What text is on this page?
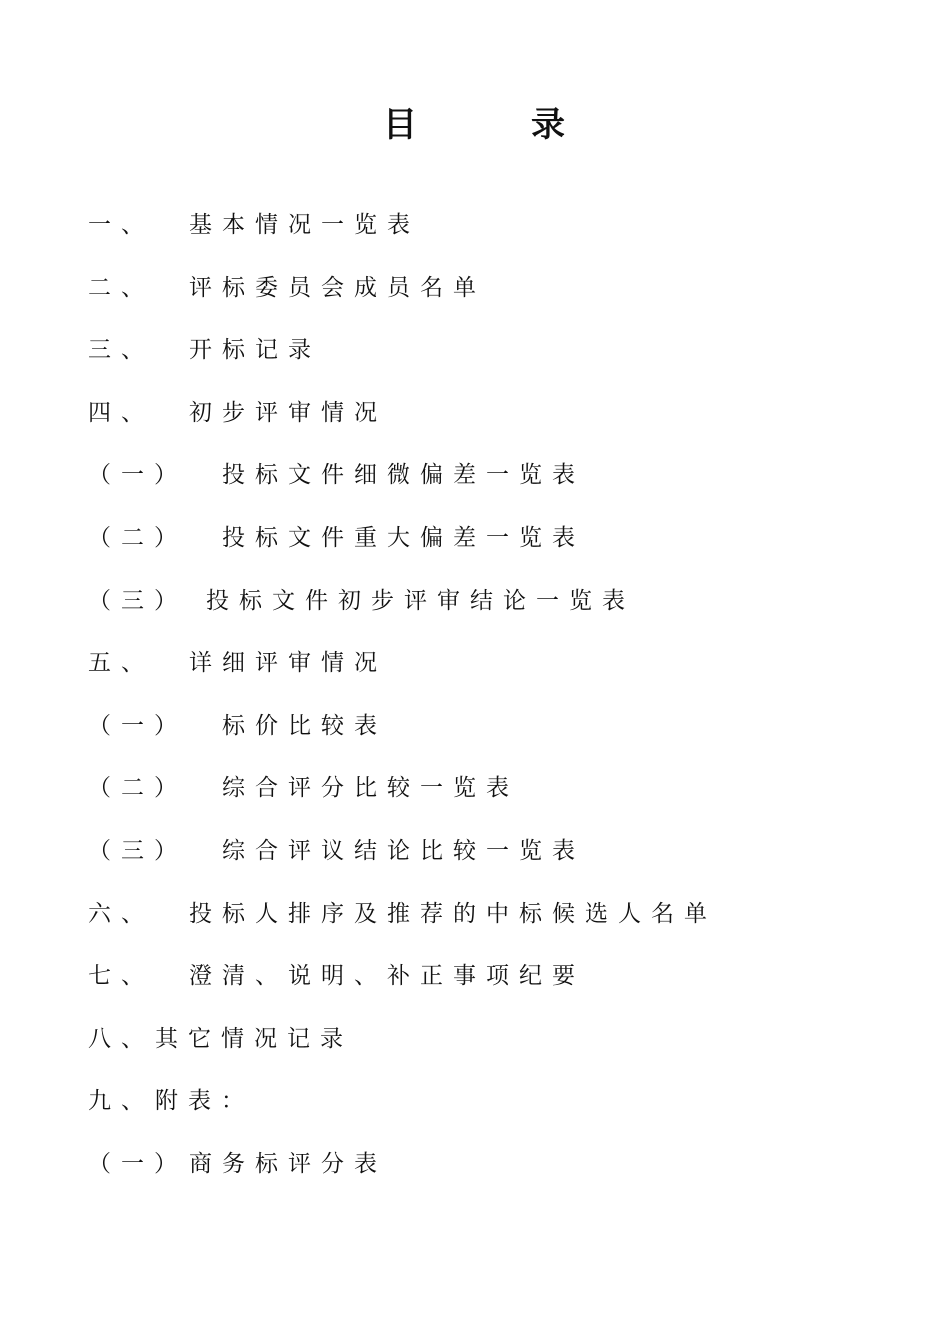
目	录
一、 基本情况一览表
二、 评标委员会成员名单
三、 开标记录
四、 初步评审情况
（一） 投标文件细微偏差一览表
（二） 投标文件重大偏差一览表
（三） 投标文件初步评审结论一览表
五、 详细评审情况
（一） 标价比较表
（二） 综合评分比较一览表
（三） 综合评议结论比较一览表
六、 投标人排序及推荐的中标候选人名单
七、 澄清、说明、补正事项纪要
八、 其它情况记录
九、 附表：
（一） 商务标评分表
